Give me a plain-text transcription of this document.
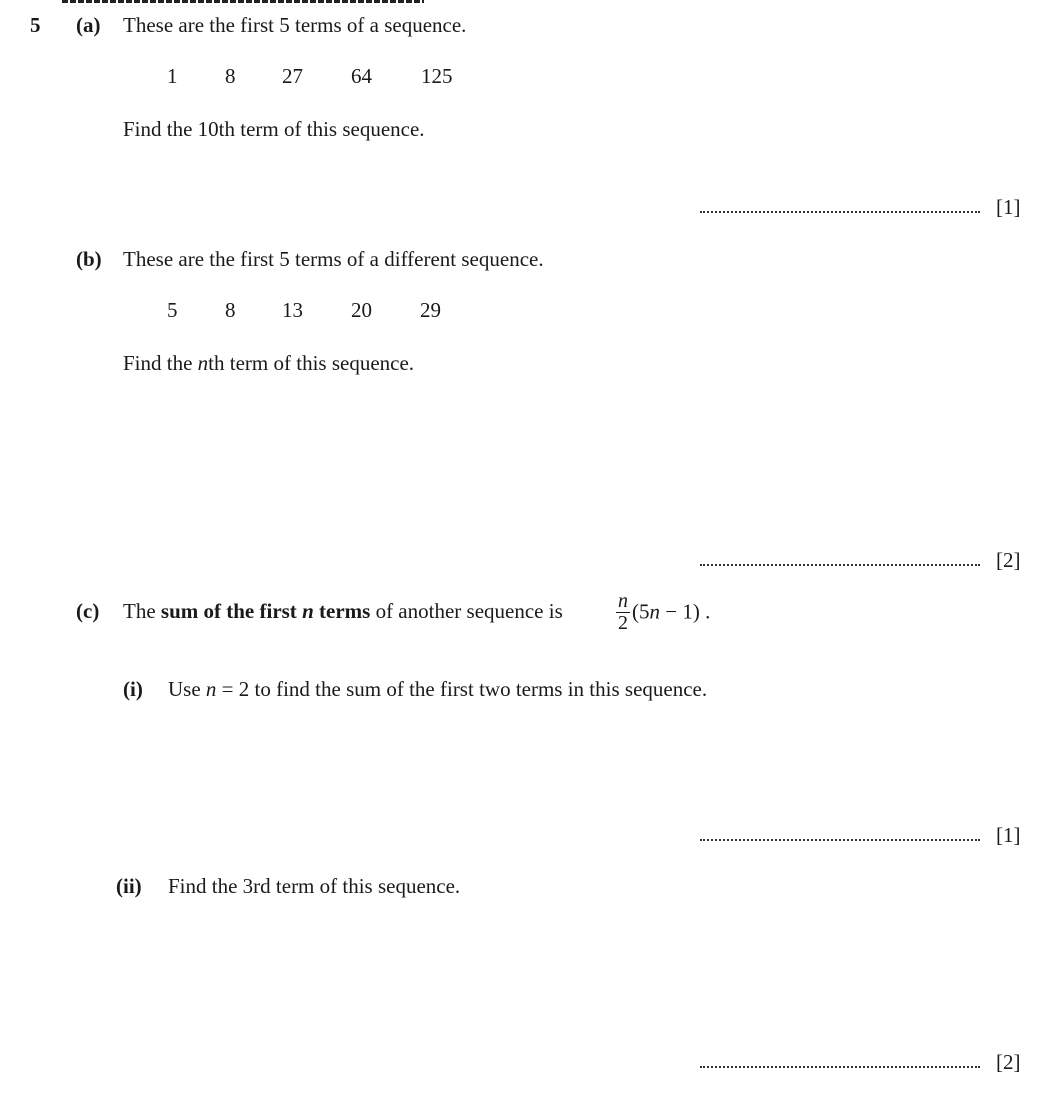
5 (a) These are the first 5 terms of a sequence.
1 8 27 64 125
Find the 10th term of this sequence.
[1]
(b) These are the first 5 terms of a different sequence.
5 8 13 20 29
Find the nth term of this sequence.
[2]
(c) The sum of the first n terms of another sequence is	$\frac{n}{2} (5n - 1)$ .
(i) Use n = 2 to find the sum of the first two terms in this sequence.
[1]
(ii) Find the 3rd term of this sequence.
[2]
